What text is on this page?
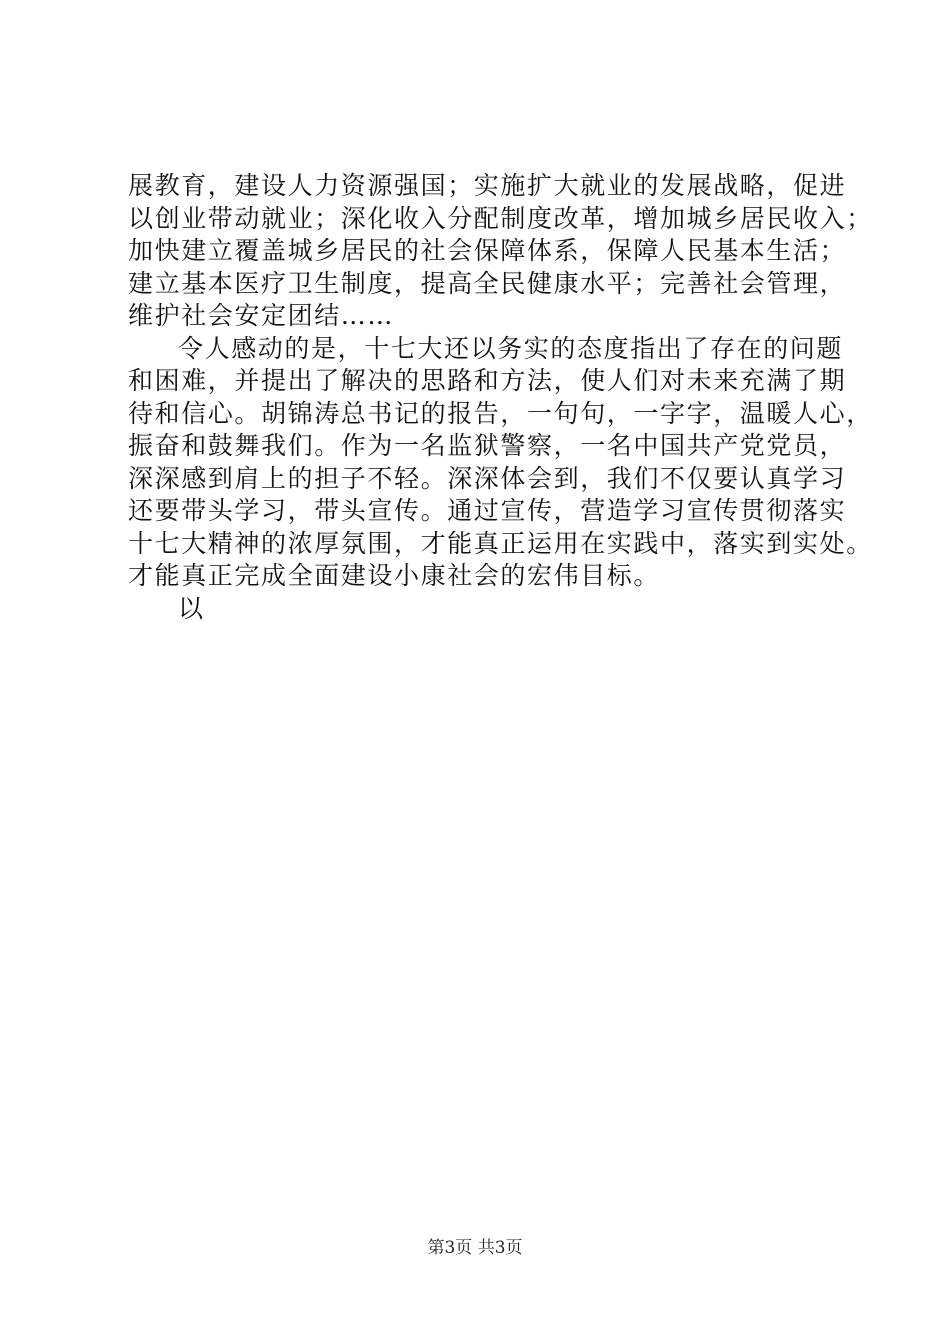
展教育，建设人力资源强国；实施扩大就业的发展战略，促进
以创业带动就业；深化收入分配制度改革，增加城乡居民收入；
加快建立覆盖城乡居民的社会保障体系，保障人民基本生活；
建立基本医疗卫生制度，提高全民健康水平；完善社会管理，
维护社会安定团结……
令人感动的是，十七大还以务实的态度指出了存在的问题
和困难，并提出了解决的思路和方法，使人们对未来充满了期
待和信心。胡锦涛总书记的报告，一句句，一字字，温暖人心，
振奋和鼓舞我们。作为一名监狱警察，一名中国共产党党员，
深深感到肩上的担子不轻。深深体会到，我们不仅要认真学习
还要带头学习，带头宣传。通过宣传，营造学习宣传贯彻落实
十七大精神的浓厚氛围，才能真正运用在实践中，落实到实处。
才能真正完成全面建设小康社会的宏伟目标。
以
第3页 共3页
